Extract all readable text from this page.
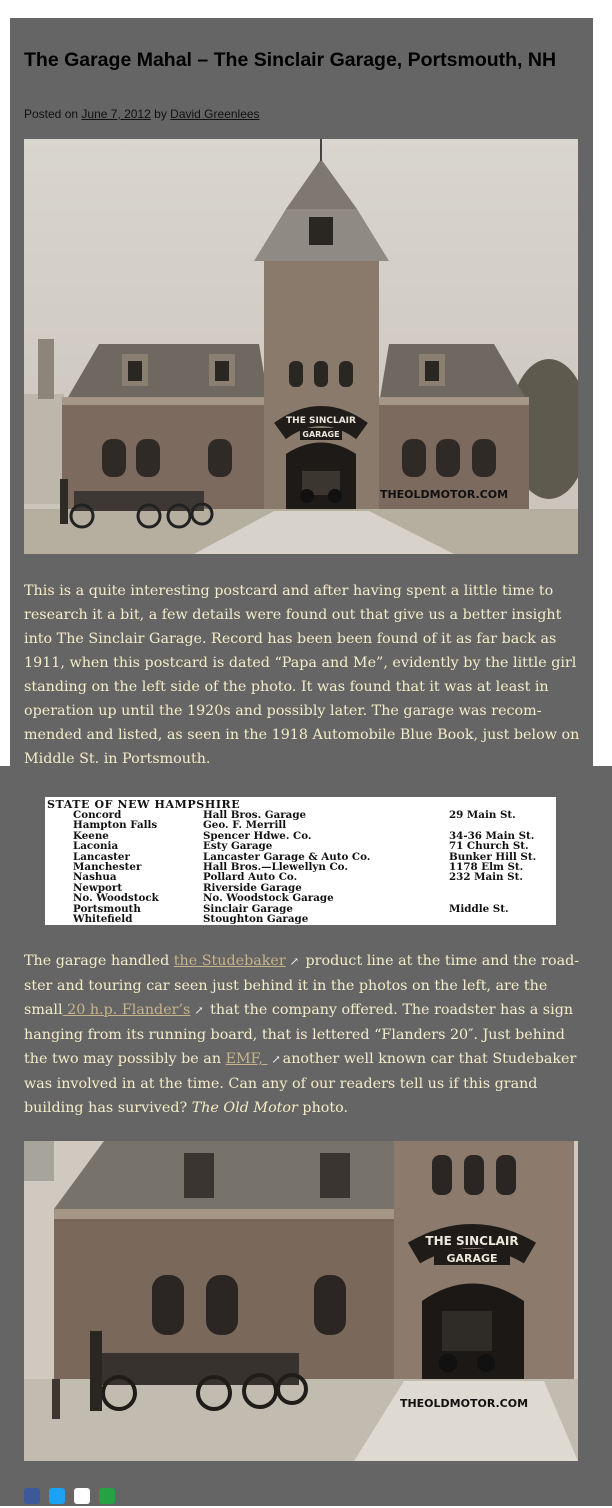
The Garage Mahal – The Sinclair Garage, Portsmouth, NH
Posted on June 7, 2012 by David Greenlees
THE SINCLAIR
GARAGE
THEOLDMOTOR.COM

This is a quite interesting postcard and after having spent a little time to research it a bit, a few details were found out that give us a better insight into The Sinclair Garage. Record has been been found of it as far back as 1911, when this postcard is dated “Papa and Me”, evidently by the little girl standing on the left side of the photo. It was found that it was at least in operation up until the 1920s and possibly later. The garage was recom-mended and listed, as seen in the 1918 Automobile Blue Book, just below on Middle St. in Portsmouth.

STATE OF NEW HAMPSHIRE
Concord	Hall Bros. Garage	29 Main St.
Hampton Falls	Geo. F. Merrill
Keene	Spencer Hdwe. Co.	34-36 Main St.
Laconia	Esty Garage	71 Church St.
Lancaster	Lancaster Garage & Auto Co.	Bunker Hill St.
Manchester	Hall Bros.—Llewellyn Co.	1178 Elm St.
Nashua	Pollard Auto Co.	232 Main St.
Newport	Riverside Garage
No. Woodstock	No. Woodstock Garage
Portsmouth	Sinclair Garage	Middle St.
Whitefield	Stoughton Garage

The garage handled the Studebaker ↗ product line at the time and the road-ster and touring car seen just behind it in the photos on the left, are the small 20 h.p. Flander’s ↗ that the company offered. The roadster has a sign hanging from its running board, that is lettered “Flanders 20″. Just behind the two may possibly be an EMF, ↗ another well known car that Studebaker was involved in at the time. Can any of our readers tell us if this grand building has survived? The Old Motor photo.

THE SINCLAIR
GARAGE
THEOLDMOTOR.COM
